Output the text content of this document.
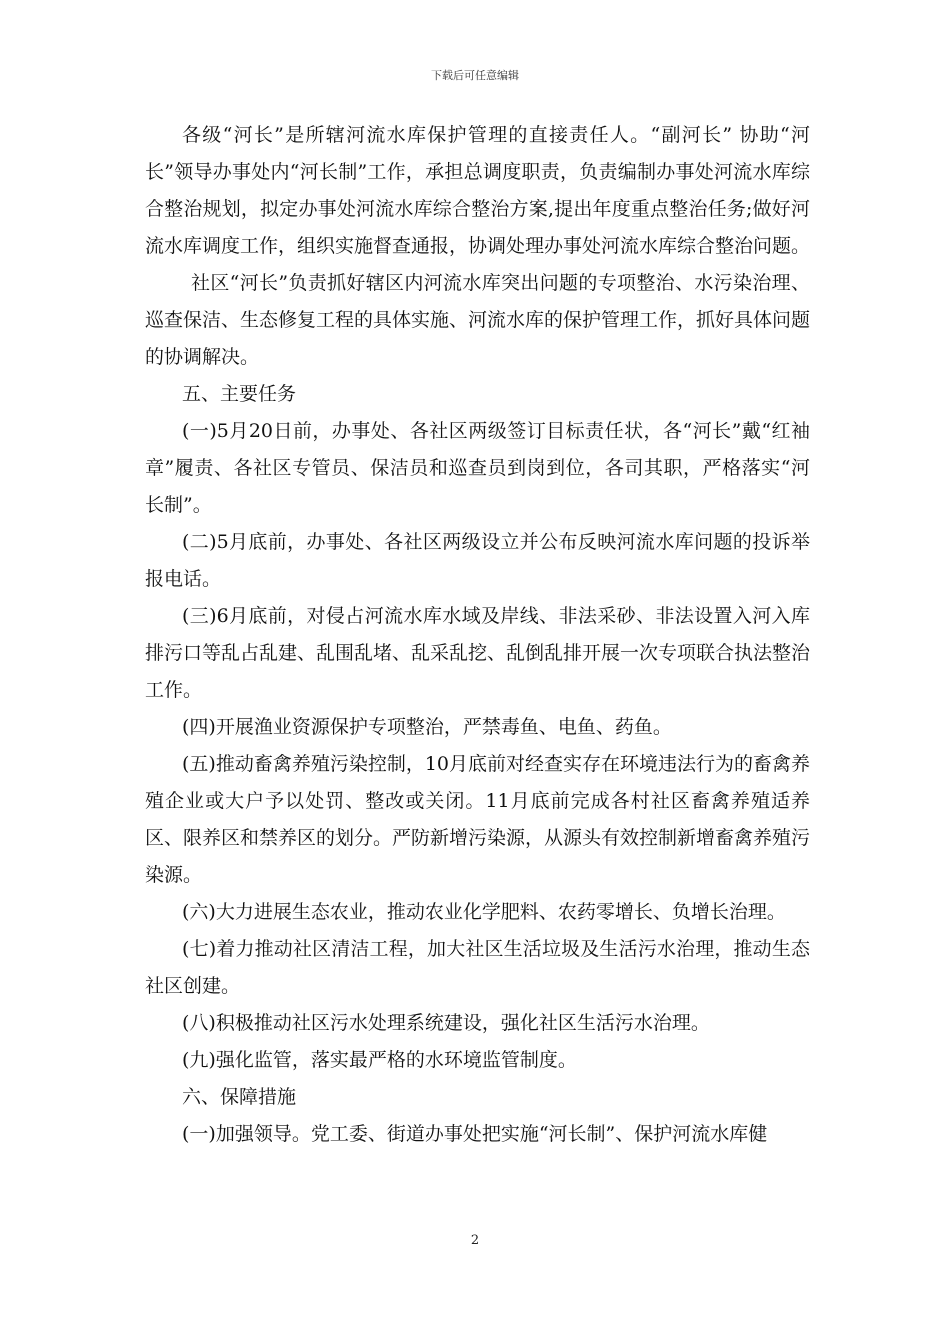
下载后可任意编辑

各级“河长”是所辖河流水库保护管理的直接责任人。“副河长” 协助“河长”领导办事处内“河长制”工作，承担总调度职责，负责编制办事处河流水库综合整治规划，拟定办事处河流水库综合整治方案,提出年度重点整治任务;做好河流水库调度工作，组织实施督查通报，协调处理办事处河流水库综合整治问题。

社区“河长”负责抓好辖区内河流水库突出问题的专项整治、水污染治理、巡查保洁、生态修复工程的具体实施、河流水库的保护管理工作，抓好具体问题的协调解决。

五、主要任务

(一)5月20日前，办事处、各社区两级签订目标责任状，各“河长”戴“红袖章”履责、各社区专管员、保洁员和巡查员到岗到位，各司其职，严格落实“河长制”。

(二)5月底前，办事处、各社区两级设立并公布反映河流水库问题的投诉举报电话。

(三)6月底前，对侵占河流水库水域及岸线、非法采砂、非法设置入河入库排污口等乱占乱建、乱围乱堵、乱采乱挖、乱倒乱排开展一次专项联合执法整治工作。

(四)开展渔业资源保护专项整治，严禁毒鱼、电鱼、药鱼。

(五)推动畜禽养殖污染控制，10月底前对经查实存在环境违法行为的畜禽养殖企业或大户予以处罚、整改或关闭。11月底前完成各村社区畜禽养殖适养区、限养区和禁养区的划分。严防新增污染源，从源头有效控制新增畜禽养殖污染源。

(六)大力进展生态农业，推动农业化学肥料、农药零增长、负增长治理。

(七)着力推动社区清洁工程，加大社区生活垃圾及生活污水治理，推动生态社区创建。

(八)积极推动社区污水处理系统建设，强化社区生活污水治理。

(九)强化监管，落实最严格的水环境监管制度。

六、保障措施

(一)加强领导。党工委、街道办事处把实施“河长制”、保护河流水库健

2
